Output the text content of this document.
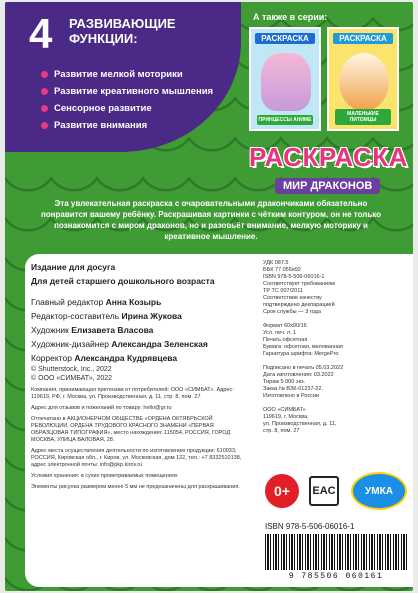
4 РАЗВИВАЮЩИЕ ФУНКЦИИ:
Развитие мелкой моторики
Развитие креативного мышления
Сенсорное развитие
Развитие внимания
А также в серии:
РАСКРАСКА
ПРИНЦЕССЫ АНИМЕ
РАСКРАСКА
МАЛЕНЬКИЕ ПИТОМЦЫ
РАСКРАСКА
МИР ДРАКОНОВ
Эта увлекательная раскраска с очаровательными дракончиками обязательно понравится вашему ребёнку. Раскрашивая картинки с чётким контуром, он не только познакомится с миром драконов, но и разовьёт внимание, мелкую моторику и креативное мышление.
Издание для досуга
Для детей старшего дошкольного возраста
Главный редактор Анна Козырь
Редактор-составитель Ирина Жукова
Художник Елизавета Власова
Художник-дизайнер Александра Зеленская
Корректор Александра Кудрявцева
© Shutterstock, Inc., 2022
© ООО «СИМБАТ», 2022
Компания, принимающая претензии от потребителей: ООО «СИМБАТ». Адрес: 119619, РФ, г. Москва, ул. Производственная, д. 11, стр. 8, пом. 27
Адрес для отзывов и пожеланий по товару: hello@gr.ru
Отпечатано в АКЦИОНЕРНОМ ОБЩЕСТВЕ «ОРДЕНА ОКТЯБРЬСКОЙ РЕВОЛЮЦИИ, ОРДЕНА ТРУДОВОГО КРАСНОГО ЗНАМЕНИ «ПЕРВАЯ ОБРАЗЦОВАЯ ТИПОГРАФИЯ», место нахождения: 115054, РОССИЯ, ГОРОД МОСКВА, УЛИЦА ВАЛОВАЯ, 28.
Адрес места осуществления деятельности по изготовлению продукции: 610033, РОССИЯ, Кировская обл., г. Киров, ул. Московская, дом 122, тел.: +7 8332510138, адрес электронной почты: info@pkp.kirov.ru
Условия хранения: в сухих проветриваемых помещениях
Элементы рисунка размером менее 5 мм не предназначены для раскрашивания.
УДК 087.5
ББК 77.056я92
ISBN 978-5-506-06016-1
Соответствует требованиям
ТР ТС 007/2011
Соответствие качеству
подтверждено декларацией
Срок службы — 3 года
Формат 60х90/16
Усл. печ. л. 1
Печать офсетная
Бумага: офсетная, мелованная
Гарнитура шрифта: MergePro
Подписано в печать 05.03.2022
Дата изготовления: 03.2022
Тираж 5 000 экз.
Заказ № ВЗК-01237-22.
Изготовлено в России
ООО «СИМБАТ»
119619, г. Москва,
ул. Производственная, д. 11,
стр. 8, пом. 27
0+	EAC	УМКА
ISBN 978-5-506-06016-1
9 785506 060161
